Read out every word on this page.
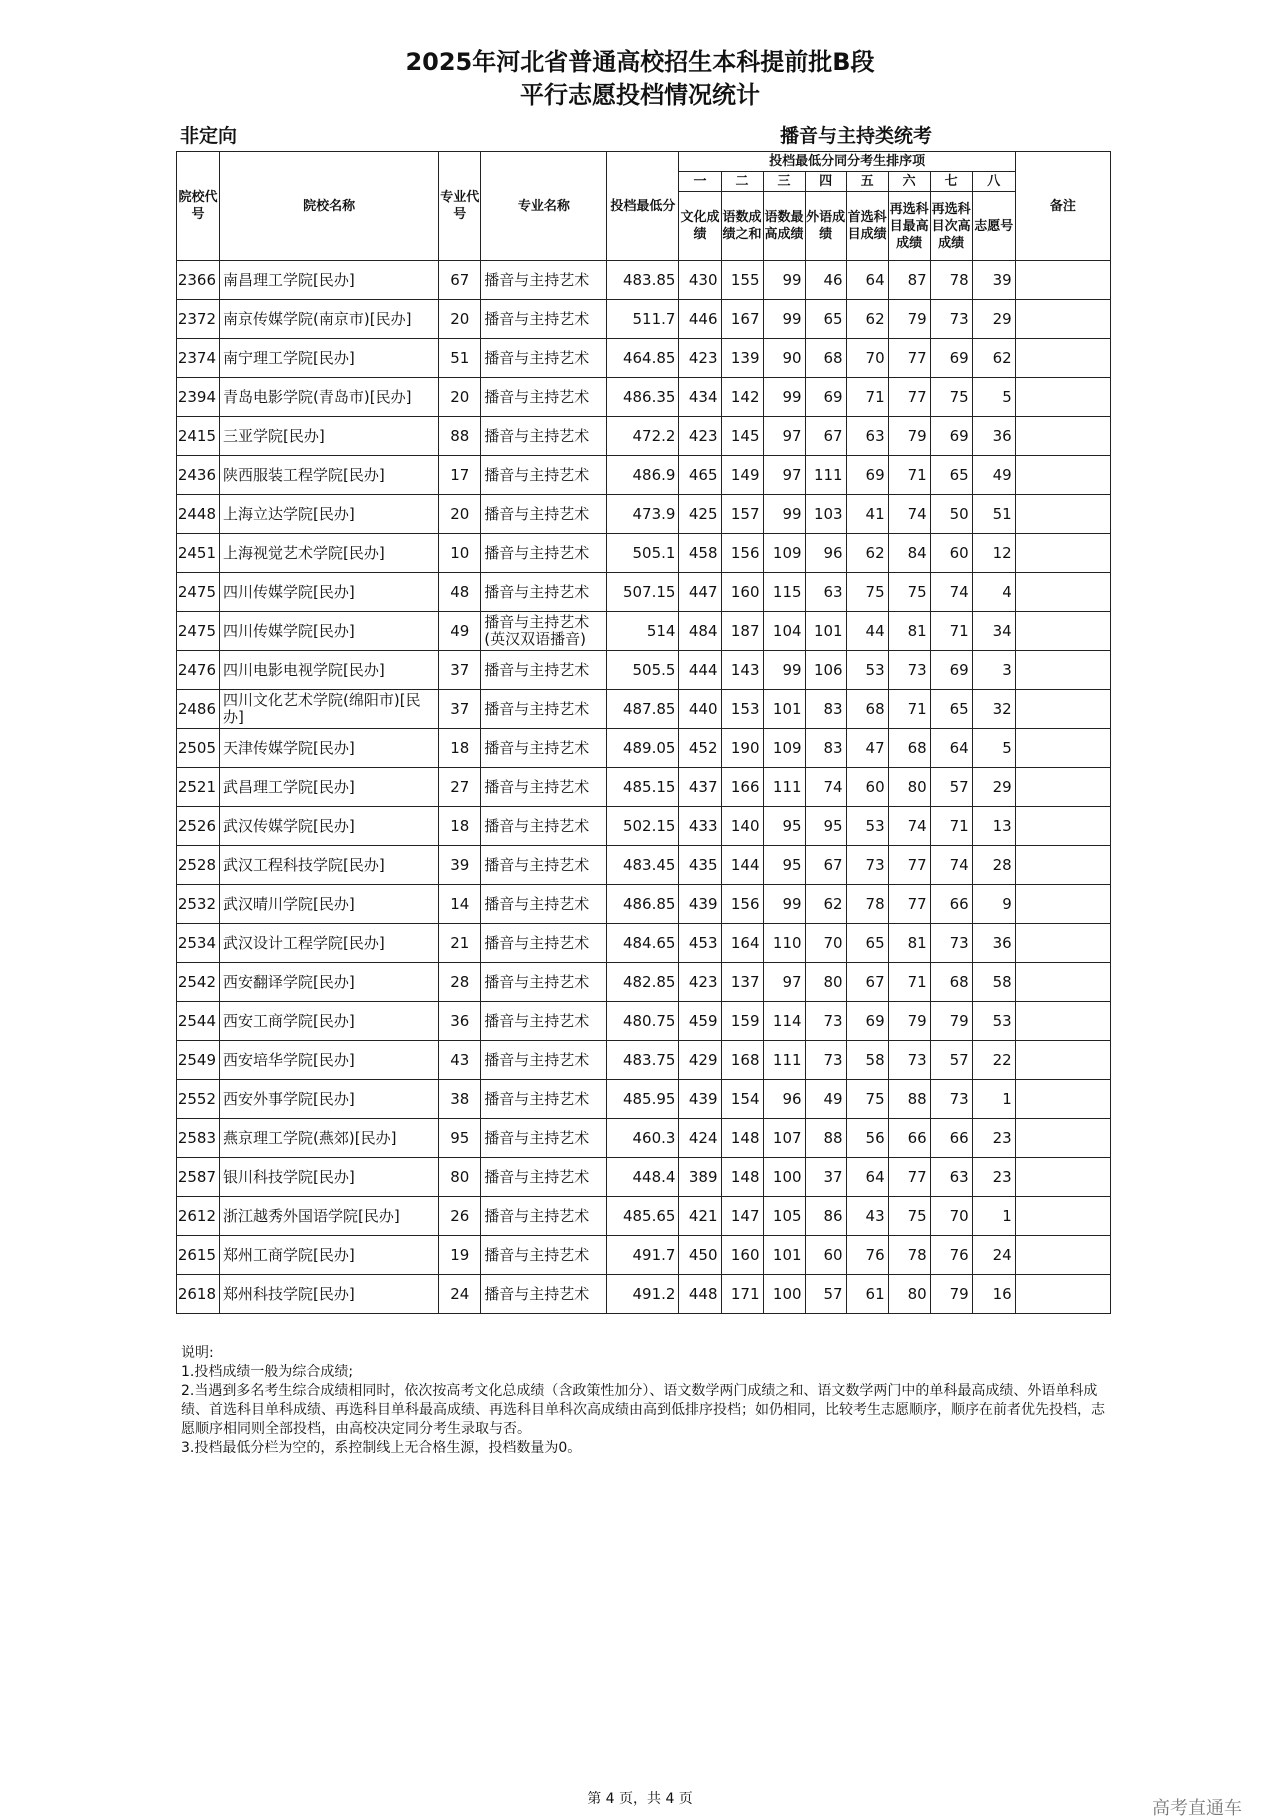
2025年河北省普通高校招生本科提前批B段
平行志愿投档情况统计
非定向	播音与主持类统考
院校代号	院校名称	专业代号	专业名称	投档最低分	投档最低分同分考生排序项								备注
					一	二	三	四	五	六	七	八	
					文化成绩	语数成绩之和	语数最高成绩	外语成绩	首选科目成绩	再选科目最高成绩	再选科目次高成绩	志愿号	
2366	南昌理工学院[民办]	67	播音与主持艺术	483.85	430	155	99	46	64	87	78	39	
2372	南京传媒学院(南京市)[民办]	20	播音与主持艺术	511.7	446	167	99	65	62	79	73	29	
2374	南宁理工学院[民办]	51	播音与主持艺术	464.85	423	139	90	68	70	77	69	62	
2394	青岛电影学院(青岛市)[民办]	20	播音与主持艺术	486.35	434	142	99	69	71	77	75	5	
2415	三亚学院[民办]	88	播音与主持艺术	472.2	423	145	97	67	63	79	69	36	
2436	陕西服装工程学院[民办]	17	播音与主持艺术	486.9	465	149	97	111	69	71	65	49	
2448	上海立达学院[民办]	20	播音与主持艺术	473.9	425	157	99	103	41	74	50	51	
2451	上海视觉艺术学院[民办]	10	播音与主持艺术	505.1	458	156	109	96	62	84	60	12	
2475	四川传媒学院[民办]	48	播音与主持艺术	507.15	447	160	115	63	75	75	74	4	
2475	四川传媒学院[民办]	49	播音与主持艺术(英汉双语播音)	514	484	187	104	101	44	81	71	34	
2476	四川电影电视学院[民办]	37	播音与主持艺术	505.5	444	143	99	106	53	73	69	3	
2486	四川文化艺术学院(绵阳市)[民办]	37	播音与主持艺术	487.85	440	153	101	83	68	71	65	32	
2505	天津传媒学院[民办]	18	播音与主持艺术	489.05	452	190	109	83	47	68	64	5	
2521	武昌理工学院[民办]	27	播音与主持艺术	485.15	437	166	111	74	60	80	57	29	
2526	武汉传媒学院[民办]	18	播音与主持艺术	502.15	433	140	95	95	53	74	71	13	
2528	武汉工程科技学院[民办]	39	播音与主持艺术	483.45	435	144	95	67	73	77	74	28	
2532	武汉晴川学院[民办]	14	播音与主持艺术	486.85	439	156	99	62	78	77	66	9	
2534	武汉设计工程学院[民办]	21	播音与主持艺术	484.65	453	164	110	70	65	81	73	36	
2542	西安翻译学院[民办]	28	播音与主持艺术	482.85	423	137	97	80	67	71	68	58	
2544	西安工商学院[民办]	36	播音与主持艺术	480.75	459	159	114	73	69	79	79	53	
2549	西安培华学院[民办]	43	播音与主持艺术	483.75	429	168	111	73	58	73	57	22	
2552	西安外事学院[民办]	38	播音与主持艺术	485.95	439	154	96	49	75	88	73	1	
2583	燕京理工学院(燕郊)[民办]	95	播音与主持艺术	460.3	424	148	107	88	56	66	66	23	
2587	银川科技学院[民办]	80	播音与主持艺术	448.4	389	148	100	37	64	77	63	23	
2612	浙江越秀外国语学院[民办]	26	播音与主持艺术	485.65	421	147	105	86	43	75	70	1	
2615	郑州工商学院[民办]	19	播音与主持艺术	491.7	450	160	101	60	76	78	76	24	
2618	郑州科技学院[民办]	24	播音与主持艺术	491.2	448	171	100	57	61	80	79	16	
说明:
1.投档成绩一般为综合成绩;
2.当遇到多名考生综合成绩相同时，依次按高考文化总成绩（含政策性加分）、语文数学两门成绩之和、语文数学两门中的单科最高成绩、外语单科成绩、首选科目单科成绩、再选科目单科最高成绩、再选科目单科次高成绩由高到低排序投档；如仍相同，比较考生志愿顺序，顺序在前者优先投档，志愿顺序相同则全部投档，由高校决定同分考生录取与否。
3.投档最低分栏为空的，系控制线上无合格生源，投档数量为0。
第 4 页，共 4 页	高考直通车
